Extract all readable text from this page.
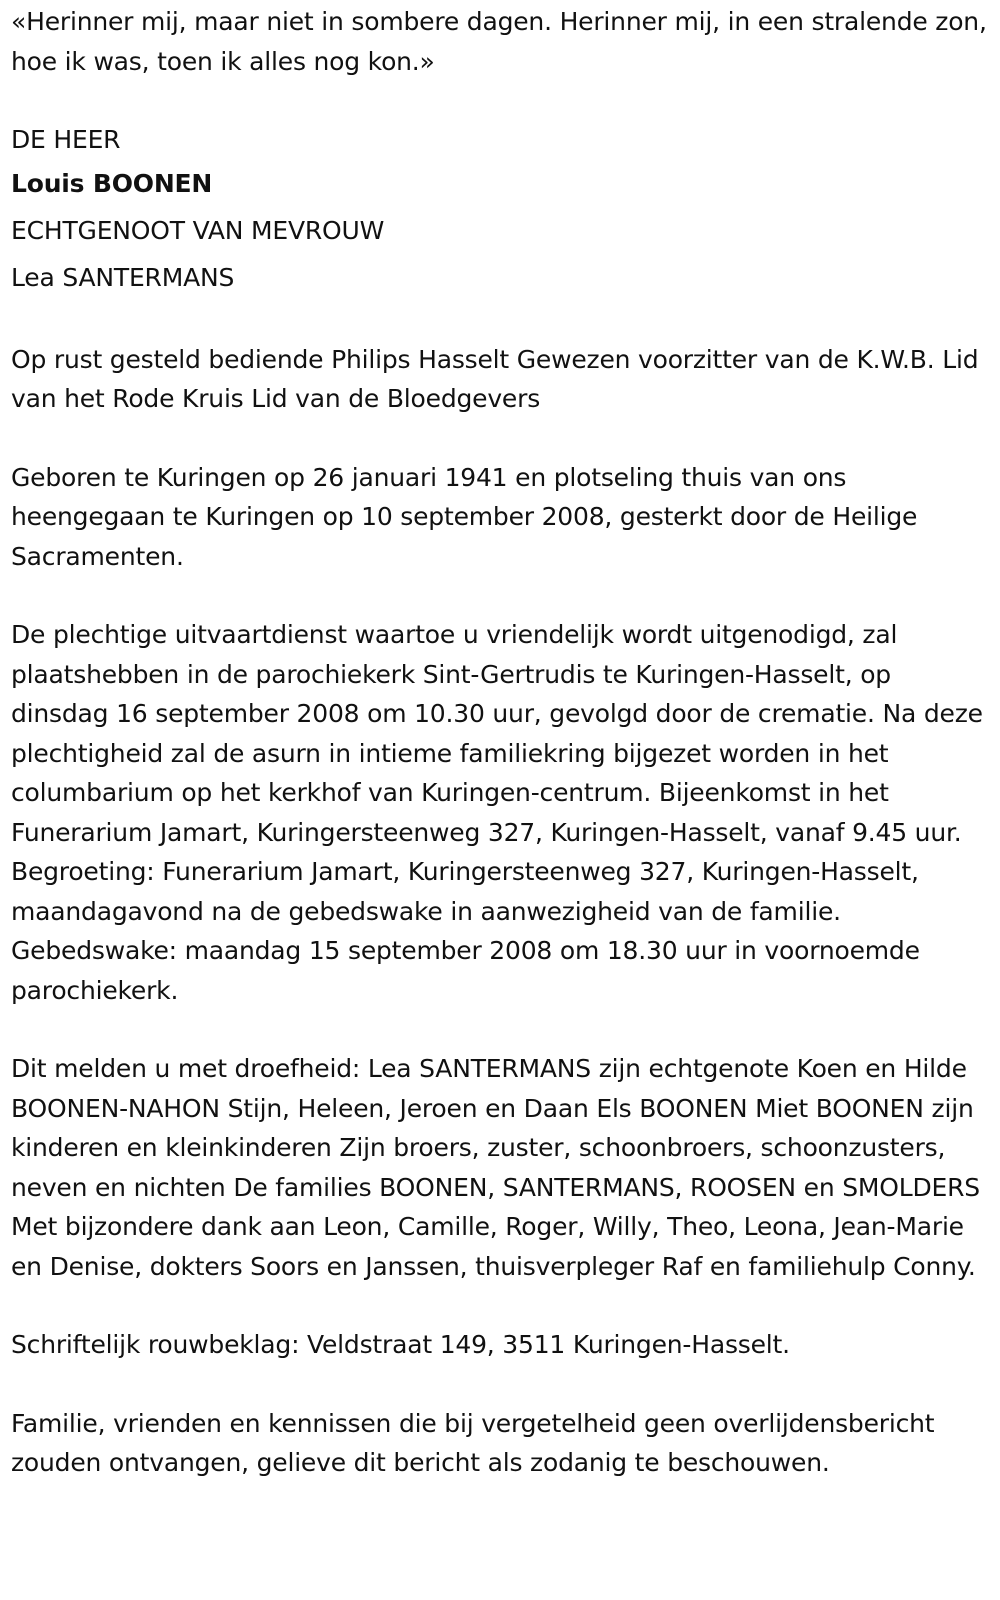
«Herinner mij, maar niet in sombere dagen. Herinner mij, in een stralende zon, hoe ik was, toen ik alles nog kon.»

DE HEER

Louis BOONEN

ECHTGENOOT VAN MEVROUW

Lea SANTERMANS

Op rust gesteld bediende Philips Hasselt Gewezen voorzitter van de K.W.B. Lid van het Rode Kruis Lid van de Bloedgevers

Geboren te Kuringen op 26 januari 1941 en plotseling thuis van ons heengegaan te Kuringen op 10 september 2008, gesterkt door de Heilige Sacramenten.

De plechtige uitvaartdienst waartoe u vriendelijk wordt uitgenodigd, zal plaatshebben in de parochiekerk Sint-Gertrudis te Kuringen-Hasselt, op dinsdag 16 september 2008 om 10.30 uur, gevolgd door de crematie. Na deze plechtigheid zal de asurn in intieme familiekring bijgezet worden in het columbarium op het kerkhof van Kuringen-centrum. Bijeenkomst in het Funerarium Jamart, Kuringersteenweg 327, Kuringen-Hasselt, vanaf 9.45 uur. Begroeting: Funerarium Jamart, Kuringersteenweg 327, Kuringen-Hasselt, maandagavond na de gebedswake in aanwezigheid van de familie. Gebedswake: maandag 15 september 2008 om 18.30 uur in voornoemde parochiekerk.

Dit melden u met droefheid: Lea SANTERMANS zijn echtgenote Koen en Hilde BOONEN-NAHON Stijn, Heleen, Jeroen en Daan Els BOONEN Miet BOONEN zijn kinderen en kleinkinderen Zijn broers, zuster, schoonbroers, schoonzusters, neven en nichten De families BOONEN, SANTERMANS, ROOSEN en SMOLDERS Met bijzondere dank aan Leon, Camille, Roger, Willy, Theo, Leona, Jean-Marie en Denise, dokters Soors en Janssen, thuisverpleger Raf en familiehulp Conny.

Schriftelijk rouwbeklag: Veldstraat 149, 3511 Kuringen-Hasselt.

Familie, vrienden en kennissen die bij vergetelheid geen overlijdensbericht zouden ontvangen, gelieve dit bericht als zodanig te beschouwen.
